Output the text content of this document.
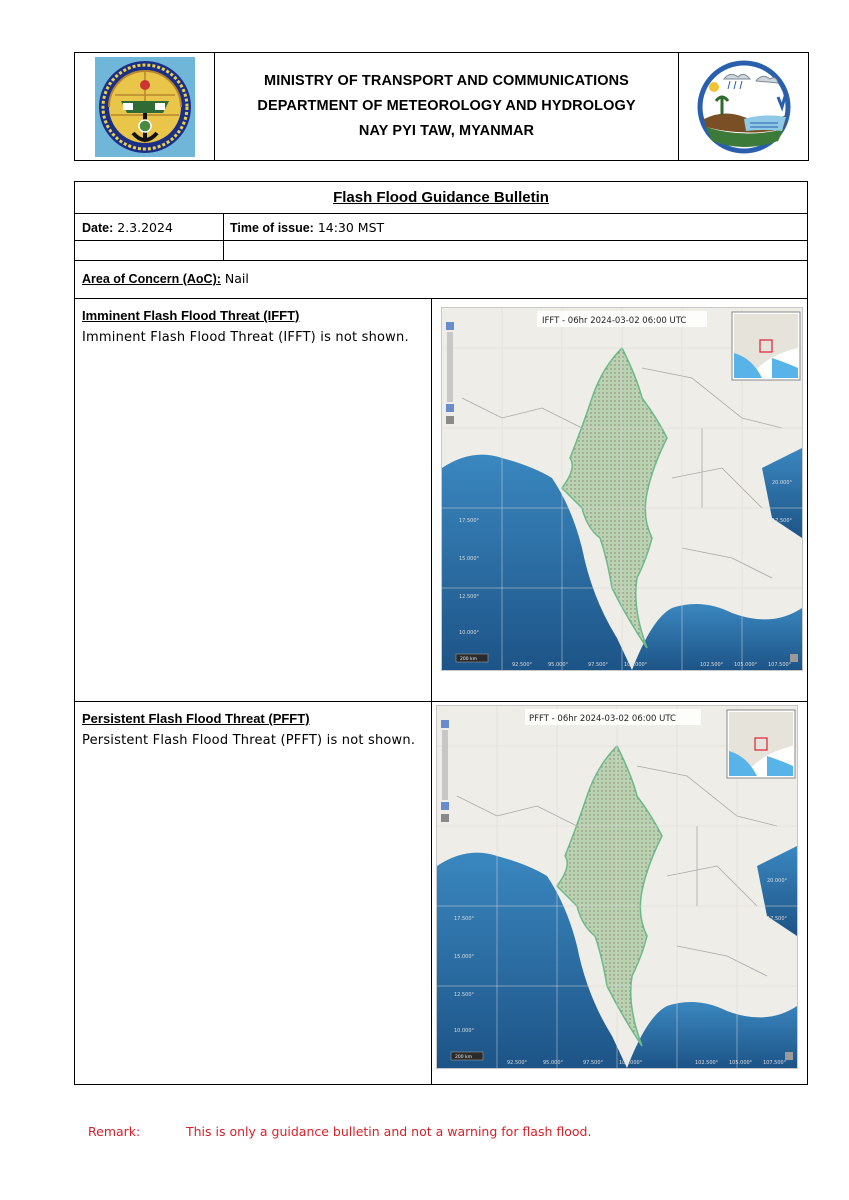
MINISTRY OF TRANSPORT AND COMMUNICATIONS
DEPARTMENT OF METEOROLOGY AND HYDROLOGY
NAY PYI TAW, MYANMAR
Flash Flood Guidance Bulletin
Date: 2.3.2024	Time of issue: 14:30 MST
Area of Concern (AoC): Nail
Imminent Flash Flood Threat (IFFT)
Imminent Flash Flood Threat (IFFT) is not shown.
Persistent Flash Flood Threat (PFFT)
Persistent Flash Flood Threat (PFFT) is not shown.
IFFT - 06hr 2024-03-02 06:00 UTC
17.500°
15.000°
12.500°
10.000°
20.000°
17.500°
92.500°	95.000°	97.500°	100.000°	102.500° 105.000° 107.500°
200 km
PFFT - 06hr 2024-03-02 06:00 UTC
17.500°
15.000°
12.500°
10.000°
20.000°
17.500°
92.500°	95.000°	97.500°	100.000°	102.500° 105.000° 107.500°
200 km
Remark:	This is only a guidance bulletin and not a warning for flash flood.
